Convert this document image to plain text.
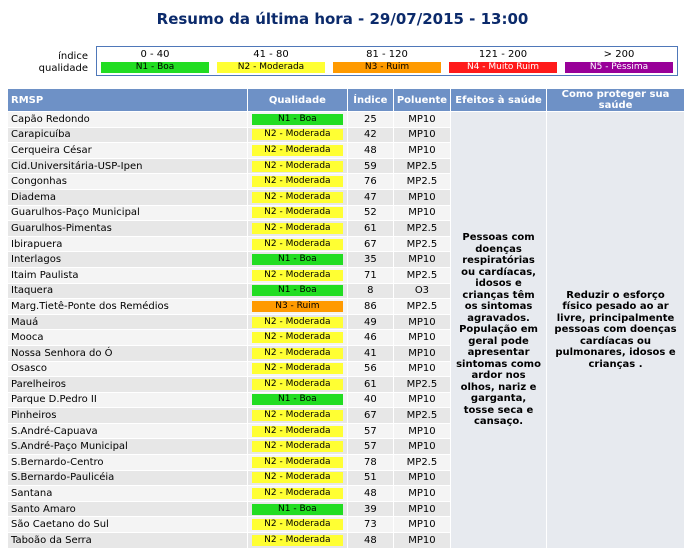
Resumo da última hora - 29/07/2015 - 13:00
índice qualidade
0 - 40
N1 - Boa
41 - 80
N2 - Moderada
81 - 120
N3 - Ruim
121 - 200
N4 - Muito Ruim
> 200
N5 - Péssima
RMSP	Qualidade	Índice	Poluente	Efeitos à saúde	Como proteger sua saúde
Capão Redondo	N1 - Boa	25	MP10	Pessoas com doenças respiratórias ou cardíacas, idosos e crianças têm os sintomas agravados. População em geral pode apresentar sintomas como ardor nos olhos, nariz e garganta, tosse seca e cansaço.	Reduzir o esforço físico pesado ao ar livre, principalmente pessoas com doenças cardíacas ou pulmonares, idosos e crianças .
Carapicuíba	N2 - Moderada	42	MP10		
Cerqueira César	N2 - Moderada	48	MP10		
Cid.Universitária-USP-Ipen	N2 - Moderada	59	MP2.5		
Congonhas	N2 - Moderada	76	MP2.5		
Diadema	N2 - Moderada	47	MP10		
Guarulhos-Paço Municipal	N2 - Moderada	52	MP10		
Guarulhos-Pimentas	N2 - Moderada	61	MP2.5		
Ibirapuera	N2 - Moderada	67	MP2.5		
Interlagos	N1 - Boa	35	MP10		
Itaim Paulista	N2 - Moderada	71	MP2.5		
Itaquera	N1 - Boa	8	O3		
Marg.Tietê-Ponte dos Remédios	N3 - Ruim	86	MP2.5		
Mauá	N2 - Moderada	49	MP10		
Mooca	N2 - Moderada	46	MP10		
Nossa Senhora do Ó	N2 - Moderada	41	MP10		
Osasco	N2 - Moderada	56	MP10		
Parelheiros	N2 - Moderada	61	MP2.5		
Parque D.Pedro II	N1 - Boa	40	MP10		
Pinheiros	N2 - Moderada	67	MP2.5		
S.André-Capuava	N2 - Moderada	57	MP10		
S.André-Paço Municipal	N2 - Moderada	57	MP10		
S.Bernardo-Centro	N2 - Moderada	78	MP2.5		
S.Bernardo-Paulicéia	N2 - Moderada	51	MP10		
Santana	N2 - Moderada	48	MP10		
Santo Amaro	N1 - Boa	39	MP10		
São Caetano do Sul	N2 - Moderada	73	MP10		
Taboão da Serra	N2 - Moderada	48	MP10		
